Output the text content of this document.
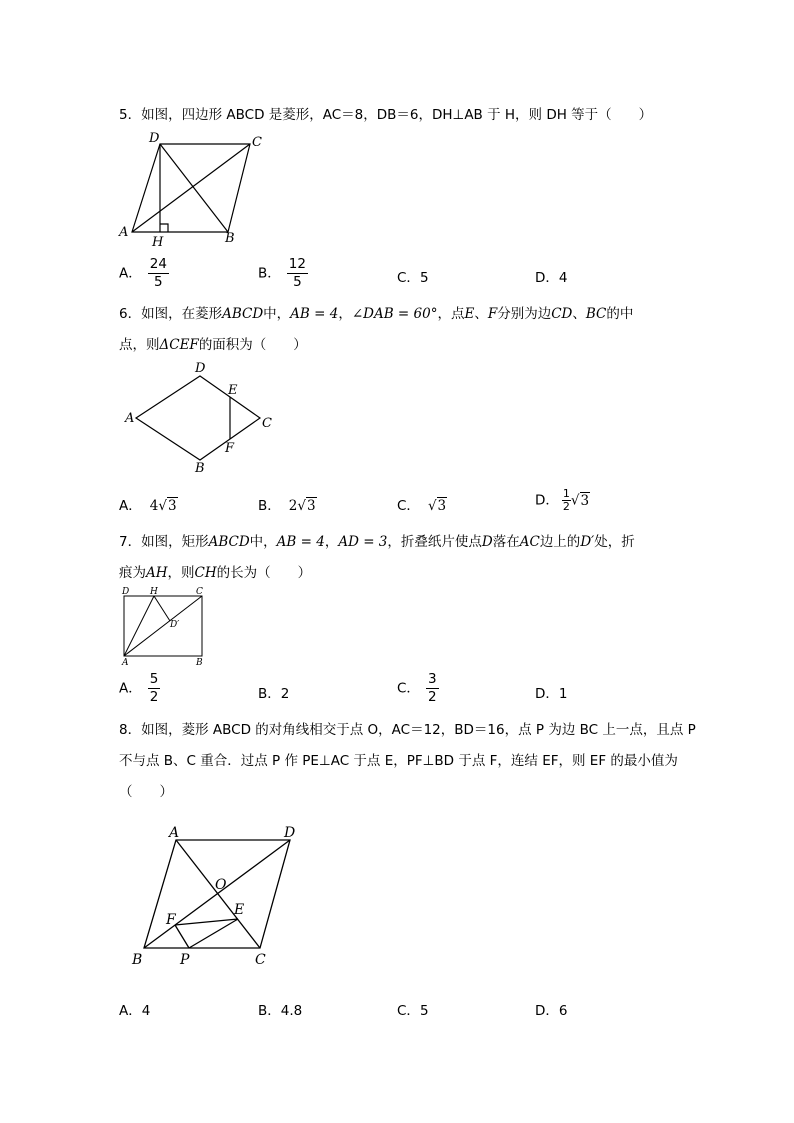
5．如图，四边形 ABCD 是菱形，AC＝8，DB＝6，DH⊥AB 于 H，则 DH 等于（　　）
D	C
A	B
H
A． $\frac{24}{5}$	B． $\frac{12}{5}$	C．5	D．4
6．如图，在菱形ABCD中，AB = 4，∠DAB = 60°，点E、F分别为边CD、BC的中
点，则ΔCEF的面积为（　　）
D
E
A	C
F
B
A． 4√3	B． 2√3	C． √3	D． $\frac{1}{2} √3$
7．如图，矩形ABCD中，AB = 4，AD = 3，折叠纸片使点D落在AC边上的D′处，折
痕为AH，则CH的长为（　　）
D H	C
D′
A	B
A． $\frac{5}{2}$	B．2	C． $\frac{3}{2}$	D．1
8．如图，菱形 ABCD 的对角线相交于点 O，AC＝12，BD＝16，点 P 为边 BC 上一点，且点 P
不与点 B、C 重合．过点 P 作 PE⊥AC 于点 E，PF⊥BD 于点 F，连结 EF，则 EF 的最小值为
（　　）
A	D
O
E
F
B	P	C
A．4	B．4.8	C．5	D．6
